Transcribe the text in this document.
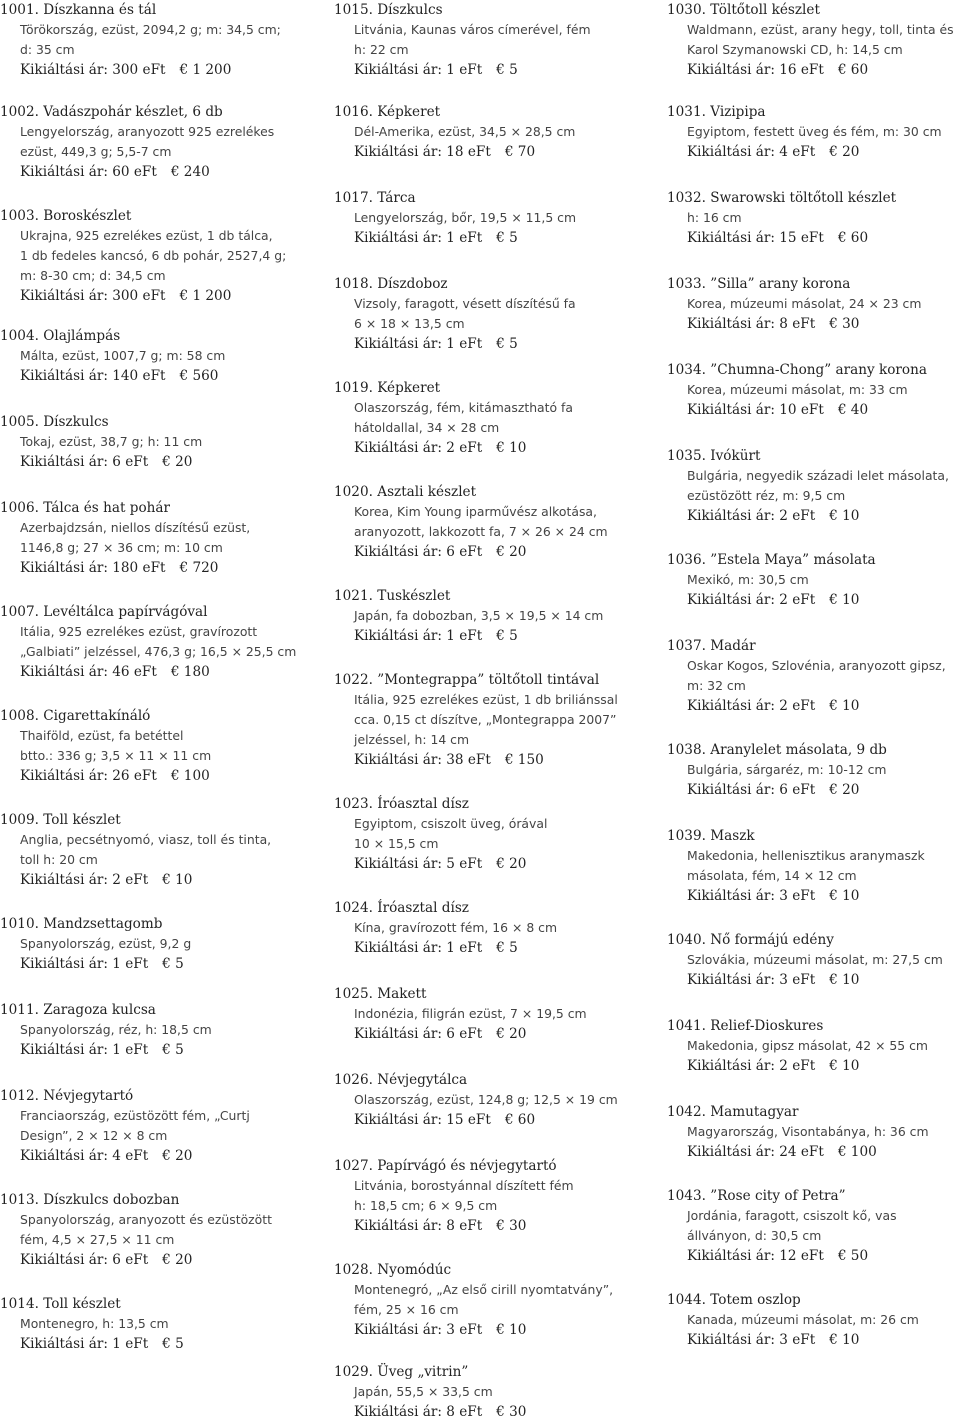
1001. Díszkanna és tál
Törökország, ezüst, 2094,2 g; m: 34,5 cm;
d: 35 cm
Kikiáltási ár: 300 eFt € 1 200
1002. Vadászpohár készlet, 6 db
Lengyelország, aranyozott 925 ezrelékes
ezüst, 449,3 g; 5,5-7 cm
Kikiáltási ár: 60 eFt € 240
1003. Boroskészlet
Ukrajna, 925 ezrelékes ezüst, 1 db tálca,
1 db fedeles kancsó, 6 db pohár, 2527,4 g;
m: 8-30 cm; d: 34,5 cm
Kikiáltási ár: 300 eFt € 1 200
1004. Olajlámpás
Málta, ezüst, 1007,7 g; m: 58 cm
Kikiáltási ár: 140 eFt € 560
1005. Díszkulcs
Tokaj, ezüst, 38,7 g; h: 11 cm
Kikiáltási ár: 6 eFt € 20
1006. Tálca és hat pohár
Azerbajdzsán, niellos díszítésű ezüst,
1146,8 g; 27 × 36 cm; m: 10 cm
Kikiáltási ár: 180 eFt € 720
1007. Levéltálca papírvágóval
Itália, 925 ezrelékes ezüst, gravírozott
„Galbiati” jelzéssel, 476,3 g; 16,5 × 25,5 cm
Kikiáltási ár: 46 eFt € 180
1008. Cigarettakínáló
Thaiföld, ezüst, fa betéttel
btto.: 336 g; 3,5 × 11 × 11 cm
Kikiáltási ár: 26 eFt € 100
1009. Toll készlet
Anglia, pecsétnyomó, viasz, toll és tinta,
toll h: 20 cm
Kikiáltási ár: 2 eFt € 10
1010. Mandzsettagomb
Spanyolország, ezüst, 9,2 g
Kikiáltási ár: 1 eFt € 5
1011. Zaragoza kulcsa
Spanyolország, réz, h: 18,5 cm
Kikiáltási ár: 1 eFt € 5
1012. Névjegytartó
Franciaország, ezüstözött fém, „Curtj
Design”, 2 × 12 × 8 cm
Kikiáltási ár: 4 eFt € 20
1013. Díszkulcs dobozban
Spanyolország, aranyozott és ezüstözött
fém, 4,5 × 27,5 × 11 cm
Kikiáltási ár: 6 eFt € 20
1014. Toll készlet
Montenegro, h: 13,5 cm
Kikiáltási ár: 1 eFt € 5
1015. Díszkulcs
Litvánia, Kaunas város címerével, fém
h: 22 cm
Kikiáltási ár: 1 eFt € 5
1016. Képkeret
Dél-Amerika, ezüst, 34,5 × 28,5 cm
Kikiáltási ár: 18 eFt € 70
1017. Tárca
Lengyelország, bőr, 19,5 × 11,5 cm
Kikiáltási ár: 1 eFt € 5
1018. Díszdoboz
Vizsoly, faragott, vésett díszítésű fa
6 × 18 × 13,5 cm
Kikiáltási ár: 1 eFt € 5
1019. Képkeret
Olaszország, fém, kitámasztható fa
hátoldallal, 34 × 28 cm
Kikiáltási ár: 2 eFt € 10
1020. Asztali készlet
Korea, Kim Young iparművész alkotása,
aranyozott, lakkozott fa, 7 × 26 × 24 cm
Kikiáltási ár: 6 eFt € 20
1021. Tuskészlet
Japán, fa dobozban, 3,5 × 19,5 × 14 cm
Kikiáltási ár: 1 eFt € 5
1022. ”Montegrappa” töltőtoll tintával
Itália, 925 ezrelékes ezüst, 1 db briliánssal
cca. 0,15 ct díszítve, „Montegrappa 2007”
jelzéssel, h: 14 cm
Kikiáltási ár: 38 eFt € 150
1023. Íróasztal dísz
Egyiptom, csiszolt üveg, órával
10 × 15,5 cm
Kikiáltási ár: 5 eFt € 20
1024. Íróasztal dísz
Kína, gravírozott fém, 16 × 8 cm
Kikiáltási ár: 1 eFt € 5
1025. Makett
Indonézia, filigrán ezüst, 7 × 19,5 cm
Kikiáltási ár: 6 eFt € 20
1026. Névjegytálca
Olaszország, ezüst, 124,8 g; 12,5 × 19 cm
Kikiáltási ár: 15 eFt € 60
1027. Papírvágó és névjegytartó
Litvánia, borostyánnal díszített fém
h: 18,5 cm; 6 × 9,5 cm
Kikiáltási ár: 8 eFt € 30
1028. Nyomódúc
Montenegró, „Az első cirill nyomtatvány”,
fém, 25 × 16 cm
Kikiáltási ár: 3 eFt € 10
1029. Üveg „vitrin”
Japán, 55,5 × 33,5 cm
Kikiáltási ár: 8 eFt € 30
1030. Töltőtoll készlet
Waldmann, ezüst, arany hegy, toll, tinta és
Karol Szymanowski CD, h: 14,5 cm
Kikiáltási ár: 16 eFt € 60
1031. Vizipipa
Egyiptom, festett üveg és fém, m: 30 cm
Kikiáltási ár: 4 eFt € 20
1032. Swarowski töltőtoll készlet
h: 16 cm
Kikiáltási ár: 15 eFt € 60
1033. ”Silla” arany korona
Korea, múzeumi másolat, 24 × 23 cm
Kikiáltási ár: 8 eFt € 30
1034. ”Chumna-Chong” arany korona
Korea, múzeumi másolat, m: 33 cm
Kikiáltási ár: 10 eFt € 40
1035. Ivókürt
Bulgária, negyedik századi lelet másolata,
ezüstözött réz, m: 9,5 cm
Kikiáltási ár: 2 eFt € 10
1036. ”Estela Maya” másolata
Mexikó, m: 30,5 cm
Kikiáltási ár: 2 eFt € 10
1037. Madár
Oskar Kogos, Szlovénia, aranyozott gipsz,
m: 32 cm
Kikiáltási ár: 2 eFt € 10
1038. Aranylelet másolata, 9 db
Bulgária, sárgaréz, m: 10-12 cm
Kikiáltási ár: 6 eFt € 20
1039. Maszk
Makedonia, hellenisztikus aranymaszk
másolata, fém, 14 × 12 cm
Kikiáltási ár: 3 eFt € 10
1040. Nő formájú edény
Szlovákia, múzeumi másolat, m: 27,5 cm
Kikiáltási ár: 3 eFt € 10
1041. Relief-Dioskures
Makedonia, gipsz másolat, 42 × 55 cm
Kikiáltási ár: 2 eFt € 10
1042. Mamutagyar
Magyarország, Visontabánya, h: 36 cm
Kikiáltási ár: 24 eFt € 100
1043. ”Rose city of Petra”
Jordánia, faragott, csiszolt kő, vas
állványon, d: 30,5 cm
Kikiáltási ár: 12 eFt € 50
1044. Totem oszlop
Kanada, múzeumi másolat, m: 26 cm
Kikiáltási ár: 3 eFt € 10
